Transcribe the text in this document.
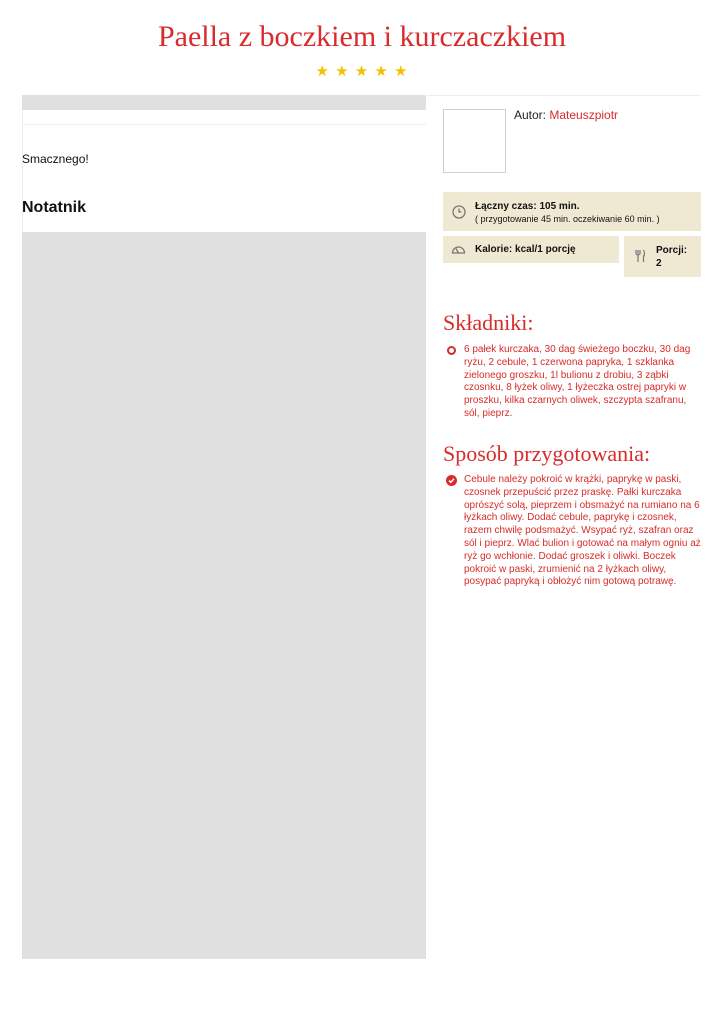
Paella z boczkiem i kurczaczkiem
★ ★ ★ ★ ★
Smacznego!
Notatnik
Autor: Mateuszpiotr
Łączny czas: 105 min.
( przygotowanie 45 min. oczekiwanie 60 min. )
Kalorie: kcal/1 porcję	Porcji:
2
Składniki:
6 pałek kurczaka, 30 dag świeżego boczku, 30 dag ryżu, 2 cebule, 1 czerwona papryka, 1 szklanka zielonego groszku, 1l bulionu z drobiu, 3 ząbki czosnku, 8 łyżek oliwy, 1 łyżeczka ostrej papryki w proszku, kilka czarnych oliwek, szczypta szafranu, sól, pieprz.
Sposób przygotowania:
Cebule należy pokroić w krążki, paprykę w paski, czosnek przepuścić przez praskę. Pałki kurczaka oprószyć solą, pieprzem i obsmażyć na rumiano na 6 łyżkach oliwy. Dodać cebule, paprykę i czosnek, razem chwilę podsmażyć. Wsypać ryż, szafran oraz sól i pieprz. Wlać bulion i gotować na małym ogniu aż ryż go wchłonie. Dodać groszek i oliwki. Boczek pokroić w paski, zrumienić na 2 łyżkach oliwy, posypać papryką i obłożyć nim gotową potrawę.
